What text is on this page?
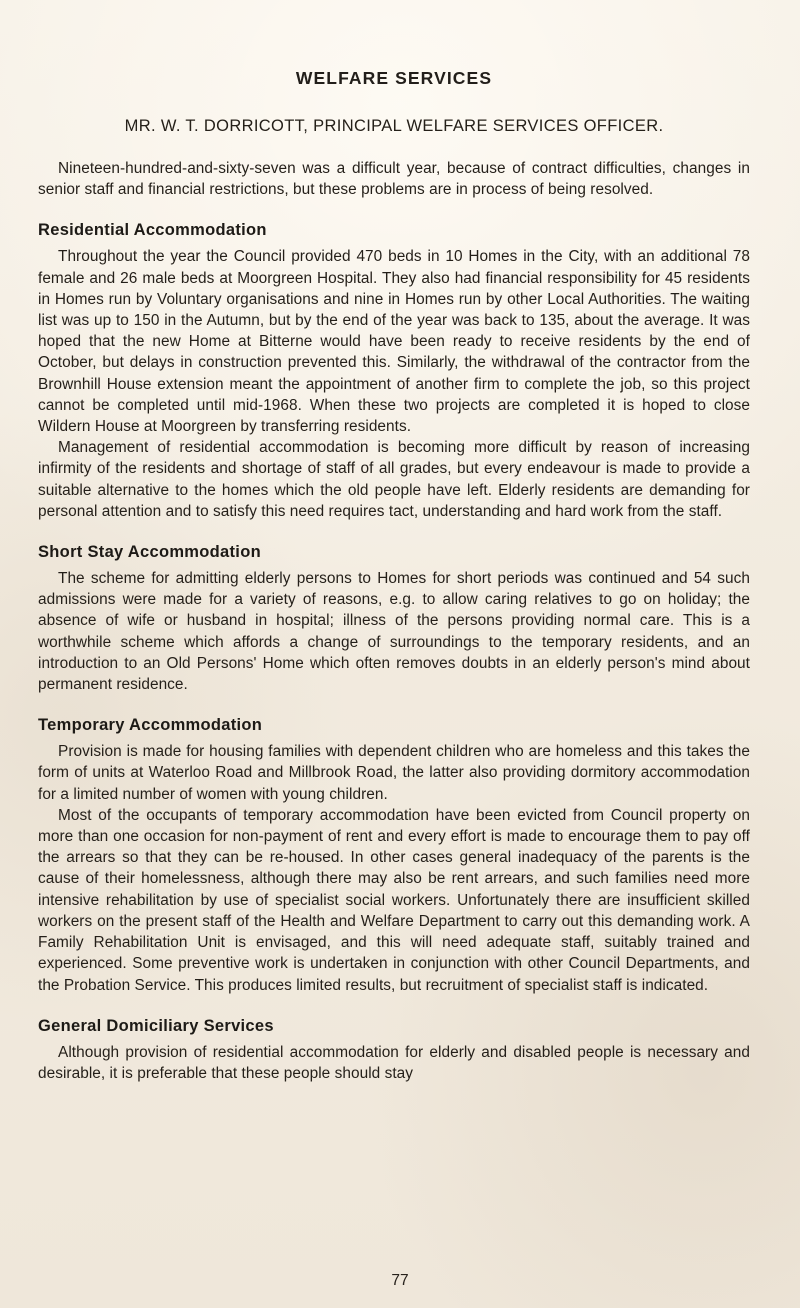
WELFARE SERVICES
MR. W. T. DORRICOTT, PRINCIPAL WELFARE SERVICES OFFICER.

Nineteen-hundred-and-sixty-seven was a difficult year, because of contract difficulties, changes in senior staff and financial restrictions, but these problems are in process of being resolved.

Residential Accommodation

Throughout the year the Council provided 470 beds in 10 Homes in the City, with an additional 78 female and 26 male beds at Moorgreen Hospital. They also had financial responsibility for 45 residents in Homes run by Voluntary organisations and nine in Homes run by other Local Authorities. The waiting list was up to 150 in the Autumn, but by the end of the year was back to 135, about the average. It was hoped that the new Home at Bitterne would have been ready to receive residents by the end of October, but delays in construction prevented this. Similarly, the withdrawal of the contractor from the Brownhill House extension meant the appointment of another firm to complete the job, so this project cannot be completed until mid-1968. When these two projects are completed it is hoped to close Wildern House at Moorgreen by transferring residents.

Management of residential accommodation is becoming more difficult by reason of increasing infirmity of the residents and shortage of staff of all grades, but every endeavour is made to provide a suitable alternative to the homes which the old people have left. Elderly residents are demanding for personal attention and to satisfy this need requires tact, understanding and hard work from the staff.

Short Stay Accommodation

The scheme for admitting elderly persons to Homes for short periods was continued and 54 such admissions were made for a variety of reasons, e.g. to allow caring relatives to go on holiday; the absence of wife or husband in hospital; illness of the persons providing normal care. This is a worthwhile scheme which affords a change of surroundings to the temporary residents, and an introduction to an Old Persons' Home which often removes doubts in an elderly person's mind about permanent residence.

Temporary Accommodation

Provision is made for housing families with dependent children who are homeless and this takes the form of units at Waterloo Road and Millbrook Road, the latter also providing dormitory accommodation for a limited number of women with young children.

Most of the occupants of temporary accommodation have been evicted from Council property on more than one occasion for non-payment of rent and every effort is made to encourage them to pay off the arrears so that they can be re-housed. In other cases general inadequacy of the parents is the cause of their homelessness, although there may also be rent arrears, and such families need more intensive rehabilitation by use of specialist social workers. Unfortunately there are insufficient skilled workers on the present staff of the Health and Welfare Department to carry out this demanding work. A Family Rehabilitation Unit is envisaged, and this will need adequate staff, suitably trained and experienced. Some preventive work is undertaken in conjunction with other Council Departments, and the Probation Service. This produces limited results, but recruitment of specialist staff is indicated.

General Domiciliary Services

Although provision of residential accommodation for elderly and disabled people is necessary and desirable, it is preferable that these people should stay

77
